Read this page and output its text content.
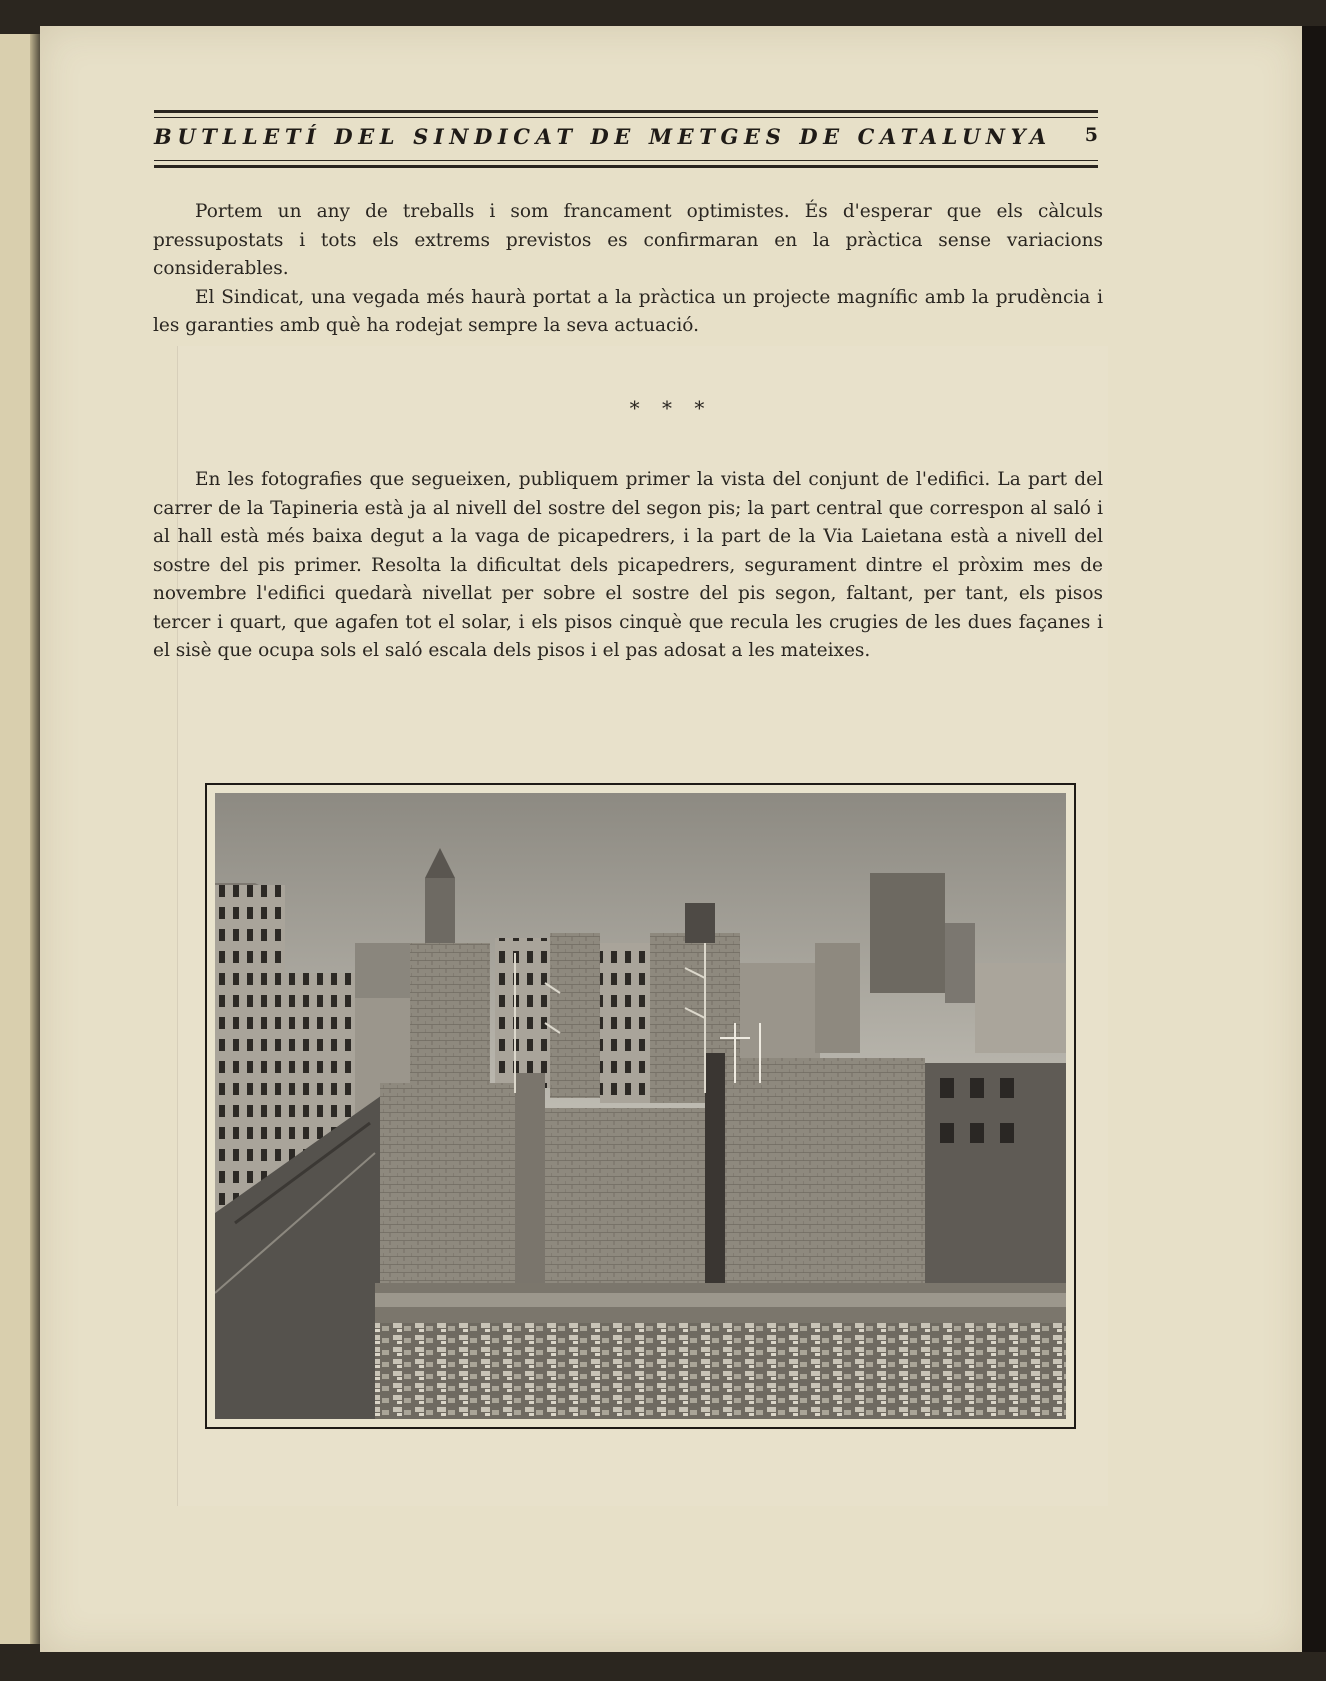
BUTLLETÍ DEL SINDICAT DE METGES DE CATALUNYA 5

Portem un any de treballs i som francament optimistes. És d'esperar que els càlculs pressupostats i tots els extrems previstos es confirmaran en la pràctica sense variacions considerables.

El Sindicat, una vegada més haurà portat a la pràctica un projecte magnífic amb la prudència i les garanties amb què ha rodejat sempre la seva actuació.

* * *

En les fotografies que segueixen, publiquem primer la vista del conjunt de l'edifici. La part del carrer de la Tapineria està ja al nivell del sostre del segon pis; la part central que correspon al saló i al hall està més baixa degut a la vaga de picapedrers, i la part de la Via Laietana està a nivell del sostre del pis primer. Resolta la dificultat dels picapedrers, segurament dintre el pròxim mes de novembre l'edifici quedarà nivellat per sobre el sostre del pis segon, faltant, per tant, els pisos tercer i quart, que agafen tot el solar, i els pisos cinquè que recula les crugies de les dues façanes i el sisè que ocupa sols el saló escala dels pisos i el pas adosat a les mateixes.
